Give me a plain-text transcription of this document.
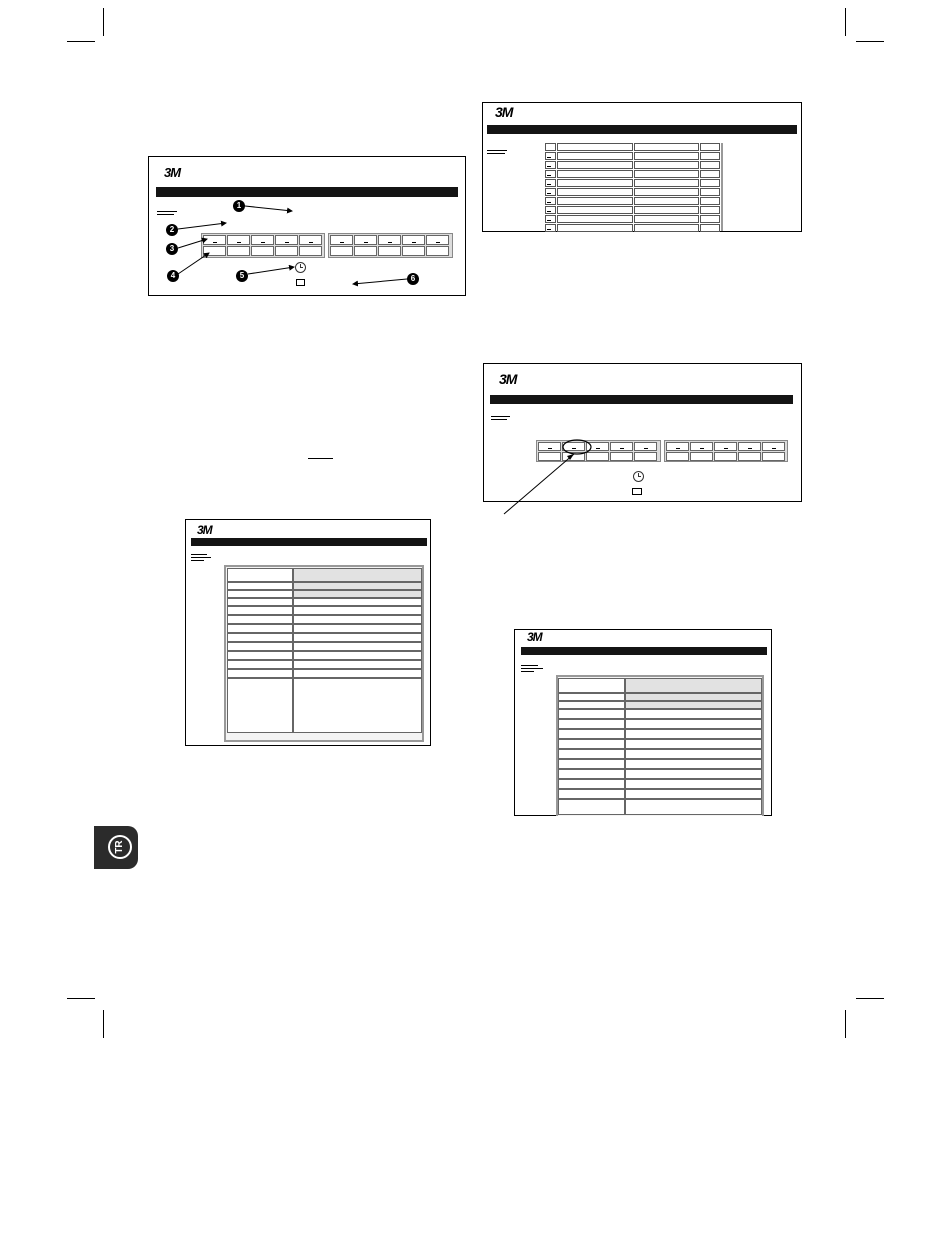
3M
1
2
3
4	5	6
3M
3M
3M
3M
TR
